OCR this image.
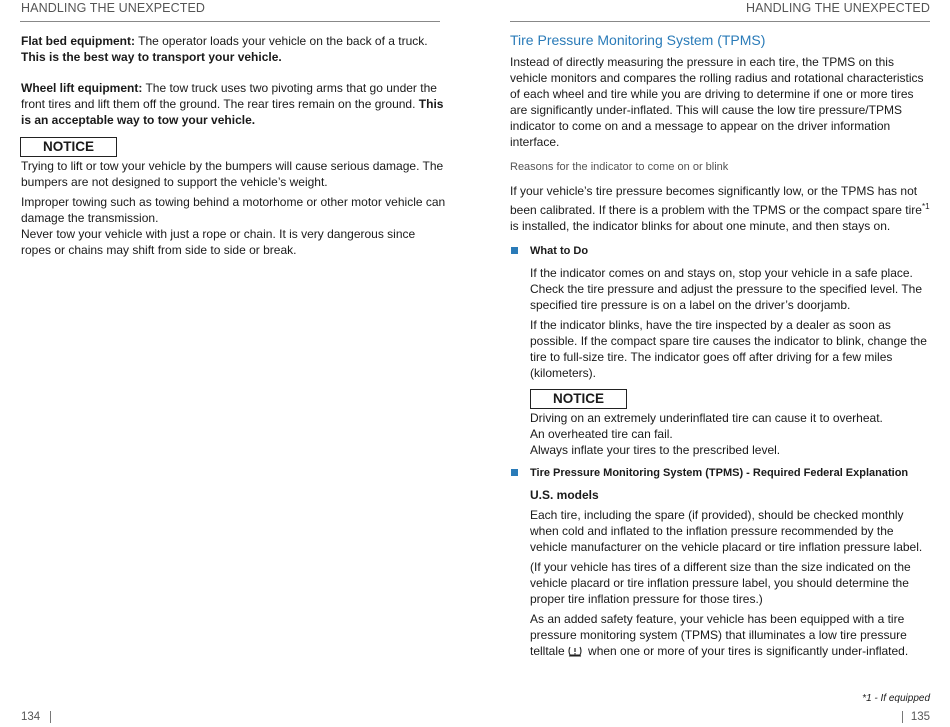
HANDLING THE UNEXPECTED

Flat bed equipment: The operator loads your vehicle on the back of a truck. This is the best way to transport your vehicle.

Wheel lift equipment: The tow truck uses two pivoting arms that go under the front tires and lift them off the ground. The rear tires remain on the ground. This is an acceptable way to tow your vehicle.

NOTICE

Trying to lift or tow your vehicle by the bumpers will cause serious damage. The bumpers are not designed to support the vehicle’s weight.

Improper towing such as towing behind a motorhome or other motor vehicle can damage the transmission.

Never tow your vehicle with just a rope or chain. It is very dangerous since ropes or chains may shift from side to side or break.

134
HANDLING THE UNEXPECTED
Tire Pressure Monitoring System (TPMS)

Instead of directly measuring the pressure in each tire, the TPMS on this vehicle monitors and compares the rolling radius and rotational characteristics of each wheel and tire while you are driving to determine if one or more tires are significantly under-inflated. This will cause the low tire pressure/TPMS indicator to come on and a message to appear on the driver information interface.

Reasons for the indicator to come on or blink

If your vehicle’s tire pressure becomes significantly low, or the TPMS has not been calibrated. If there is a problem with the TPMS or the compact spare tire$^{*1}$ is installed, the indicator blinks for about one minute, and then stays on.

What to Do

If the indicator comes on and stays on, stop your vehicle in a safe place. Check the tire pressure and adjust the pressure to the specified level. The specified tire pressure is on a label on the driver’s doorjamb.

If the indicator blinks, have the tire inspected by a dealer as soon as possible. If the compact spare tire causes the indicator to blink, change the tire to full-size tire. The indicator goes off after driving for a few miles (kilometers).

NOTICE

Driving on an extremely underinflated tire can cause it to overheat.

An overheated tire can fail.

Always inflate your tires to the prescribed level.

Tire Pressure Monitoring System (TPMS) - Required Federal Explanation

U.S. models

Each tire, including the spare (if provided), should be checked monthly when cold and inflated to the inflation pressure recommended by the vehicle manufacturer on the vehicle placard or tire inflation pressure label.

(If your vehicle has tires of a different size than the size indicated on the vehicle placard or tire inflation pressure label, you should determine the proper tire inflation pressure for those tires.)

As an added safety feature, your vehicle has been equipped with a tire pressure monitoring system (TPMS) that illuminates a low tire pressure telltale when one or more of your tires is significantly under-inflated.

*1 - If equipped
135
